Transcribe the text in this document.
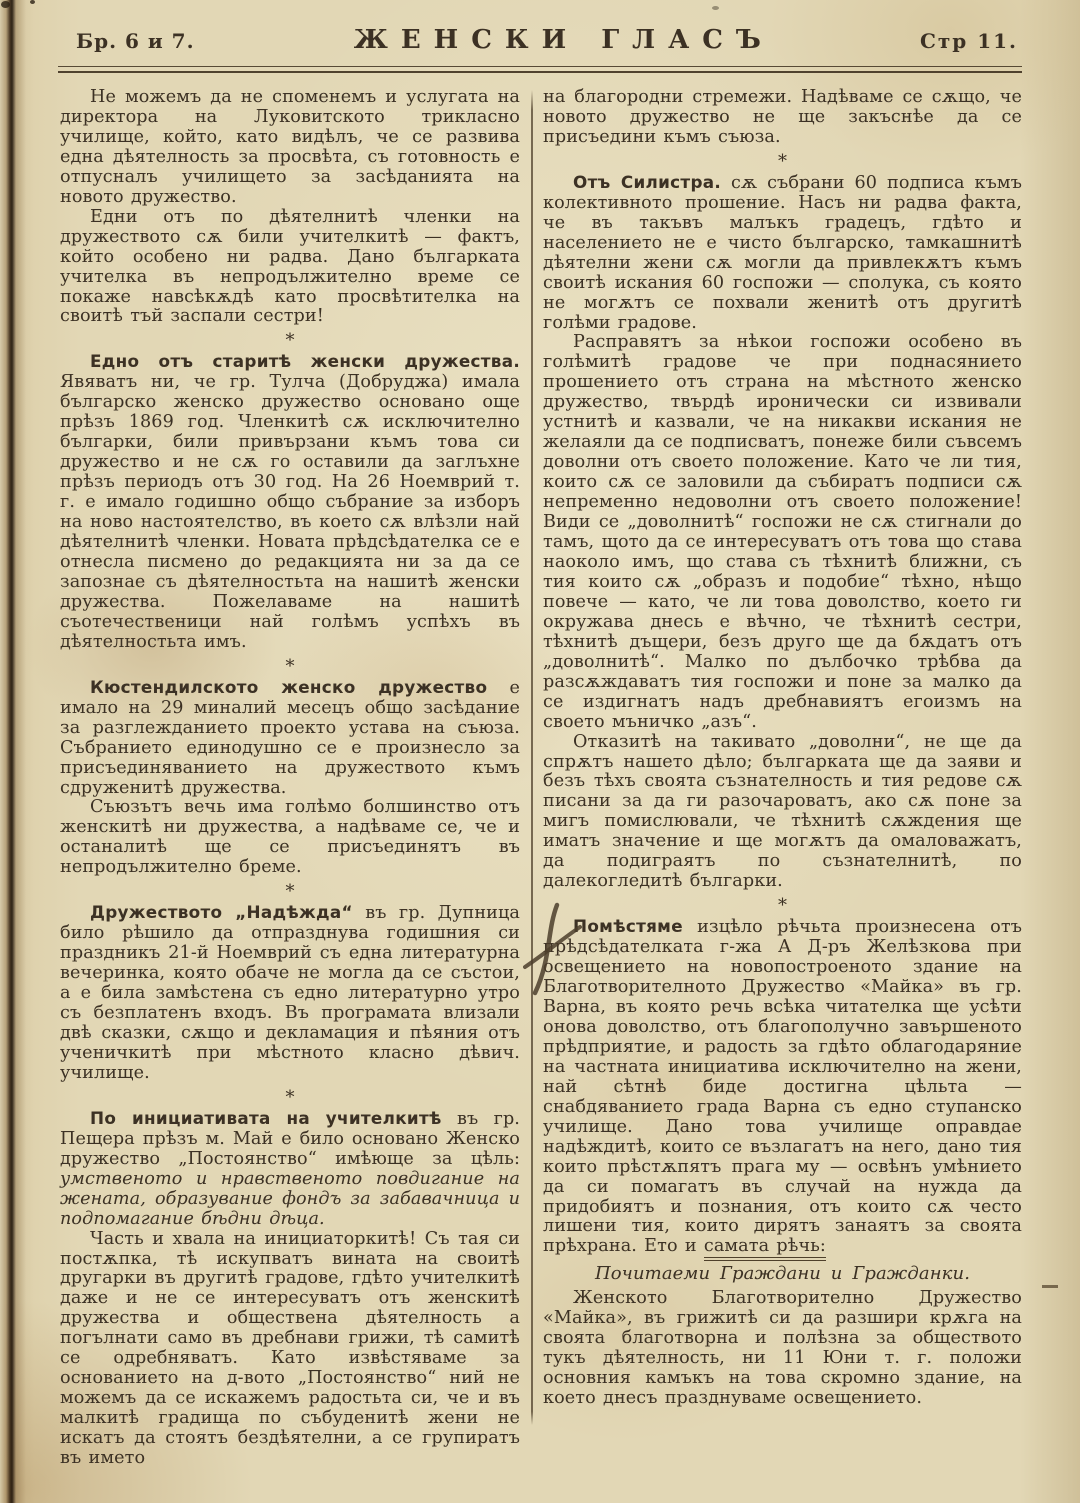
Бр. 6 и 7.	ЖЕНСКИ ГЛАСЪ	Стр 11.

Не можемъ да не споменемъ и услугата на директора на Луковитското трикласно училище, който, като видѣлъ, че се развива една дѣятелность за просвѣта, съ готовность е отпусналъ училището за засѣданията на новото дружество.

Едни отъ по дѣятелнитѣ членки на дружеството сѫ били учителкитѣ — фактъ, който особено ни радва. Дано българката учителка въ непродължително време се покаже навсѣкѫдѣ като просвѣтителка на своитѣ тъй заспали сестри!

*

Едно отъ старитѣ женски дружества. Явяватъ ни, че гр. Тулча (Добруджа) имала българско женско дружество основано още прѣзъ 1869 год. Членкитѣ сѫ исключително българки, били привързани къмъ това си дружество и не сѫ го оставили да заглъхне прѣзъ периодъ отъ 30 год. На 26 Ноемврий т. г. е имало годишно общо събрание за изборъ на ново настоятелство, въ което сѫ влѣзли най дѣятелнитѣ членки. Новата прѣдсѣдателка се е отнесла писмено до редакцията ни за да се запознае съ дѣятелностьта на нашитѣ женски дружества. Пожелаваме на нашитѣ съотечественици най голѣмъ успѣхъ въ дѣятелностьта имъ.

*

Кюстендилското женско дружество е имало на 29 миналий месецъ общо засѣдание за разглежданието проекто устава на съюза. Събранието единодушно се е произнесло за присъединяванието на дружеството къмъ сдруженитѣ дружества.

Съюзътъ вечь има голѣмо болшинство отъ женскитѣ ни дружества, а надѣваме се, че и останалитѣ ще се присъединятъ въ непродължително бреме.

*

Дружеството „Надѣжда“ въ гр. Дупница било рѣшило да отпразднува годишния си праздникъ 21-й Ноемврий съ една литературна вечеринка, която обаче не могла да се състои, а е била замѣстена съ едно литературно утро съ безплатенъ входъ. Въ програмата влизали двѣ сказки, сѫщо и декламация и пѣяния отъ ученичкитѣ при мѣстното класно дѣвич. училище.

*

По инициативата на учителкитѣ въ гр. Пещера прѣзъ м. Май е било основано Женско дружество „Постоянство“ имѣюще за цѣль: умственото и нравственото повдигание на жената, образувание фондъ за забавачница и подпомагание бѣдни дѣца.

Часть и хвала на инициаторкитѣ! Съ тая си постѫпка, тѣ искупватъ вината на своитѣ другарки въ другитѣ градове, гдѣто учителкитѣ даже и не се интересуватъ отъ женскитѣ дружества и обществена дѣятелность а погълнати само въ дребнави грижи, тѣ самитѣ се одребняватъ. Като извѣстяваме за основанието на д-вото „Постоянство“ ний не можемъ да се искажемъ радостьта си, че и въ малкитѣ градища по събуденитѣ жени не искатъ да стоятъ бездѣятелни, а се групиратъ въ името

на благородни стремежи. Надѣваме се сѫщо, че новото дружество не ще закъснѣе да се присъедини къмъ съюза.

*

Отъ Силистра. сѫ събрани 60 подписа къмъ колективното прошение. Насъ ни радва факта, че въ такъвъ малъкъ градецъ, гдѣто и населението не е чисто българско, тамкашнитѣ дѣятелни жени сѫ могли да привлекѫтъ къмъ своитѣ искания 60 госпожи — сполука, съ която не могѫтъ се похвали женитѣ отъ другитѣ голѣми градове.

Расправятъ за нѣкои госпожи особено въ голѣмитѣ градове че при поднасянието прошението отъ страна на мѣстното женско дружество, твърдѣ иронически си извивали устнитѣ и казвали, че на никакви искания не желаяли да се подписватъ, понеже били съвсемъ доволни отъ своето положение. Като че ли тия, които сѫ се заловили да събиратъ подписи сѫ непременно недоволни отъ своето положение! Види се „доволнитѣ“ госпожи не сѫ стигнали до тамъ, щото да се интересуватъ отъ това що става наоколо имъ, що става съ тѣхнитѣ ближни, съ тия които сѫ „образъ и подобие“ тѣхно, нѣщо повече — като, че ли това доволство, което ги окружава днесь е вѣчно, че тѣхнитѣ сестри, тѣхнитѣ дъщери, безъ друго ще да бѫдатъ отъ „доволнитѣ“. Малко по дълбочко трѣбва да разсѫждаватъ тия госпожи и поне за малко да се издигнатъ надъ дребнавиятъ егоизмъ на своето мъничко „азъ“.

Отказитѣ на такивато „доволни“, не ще да спрѫтъ нашето дѣло; българката ще да заяви и безъ тѣхъ своята съзнателность и тия редове сѫ писани за да ги разочароватъ, ако сѫ поне за мигъ помислювали, че тѣхнитѣ сѫждения ще иматъ значение и ще могѫтъ да омаловажатъ, да подиграятъ по съзнателнитѣ, по далекогледитѣ българки.

*

Помѣстяме изцѣло рѣчьта произнесена отъ прѣдсѣдателката г-жа А Д-ръ Желѣзкова при освещението на новопостроеното здание на Благотворителното Дружество «Майка» въ гр. Варна, въ която речь всѣка читателка ще усѣти онова доволство, отъ благополучно завършеното прѣдприятие, и радость за гдѣто облагодаряние на частната инициатива исключително на жени, най сѣтнѣ биде достигна цѣльта — снабдяванието града Варна съ едно ступанско училище. Дано това училище оправдае надѣждитѣ, които се възлагатъ на него, дано тия които прѣстѫпятъ прага му — освѣнъ умѣнието да си помагатъ въ случай на нужда да придобиятъ и познания, отъ които сѫ често лишени тия, които дирятъ занаятъ за своята прѣхрана. Ето и самата рѣчь:

Почитаеми Граждани и Гражданки.

Женското Благотворително Дружество «Майка», въ грижитѣ си да разшири крѫга на своята благотворна и полѣзна за обществото тукъ дѣятелность, ни 11 Юни т. г. положи основния камъкъ на това скромно здание, на което днесъ празднуваме освещението.
